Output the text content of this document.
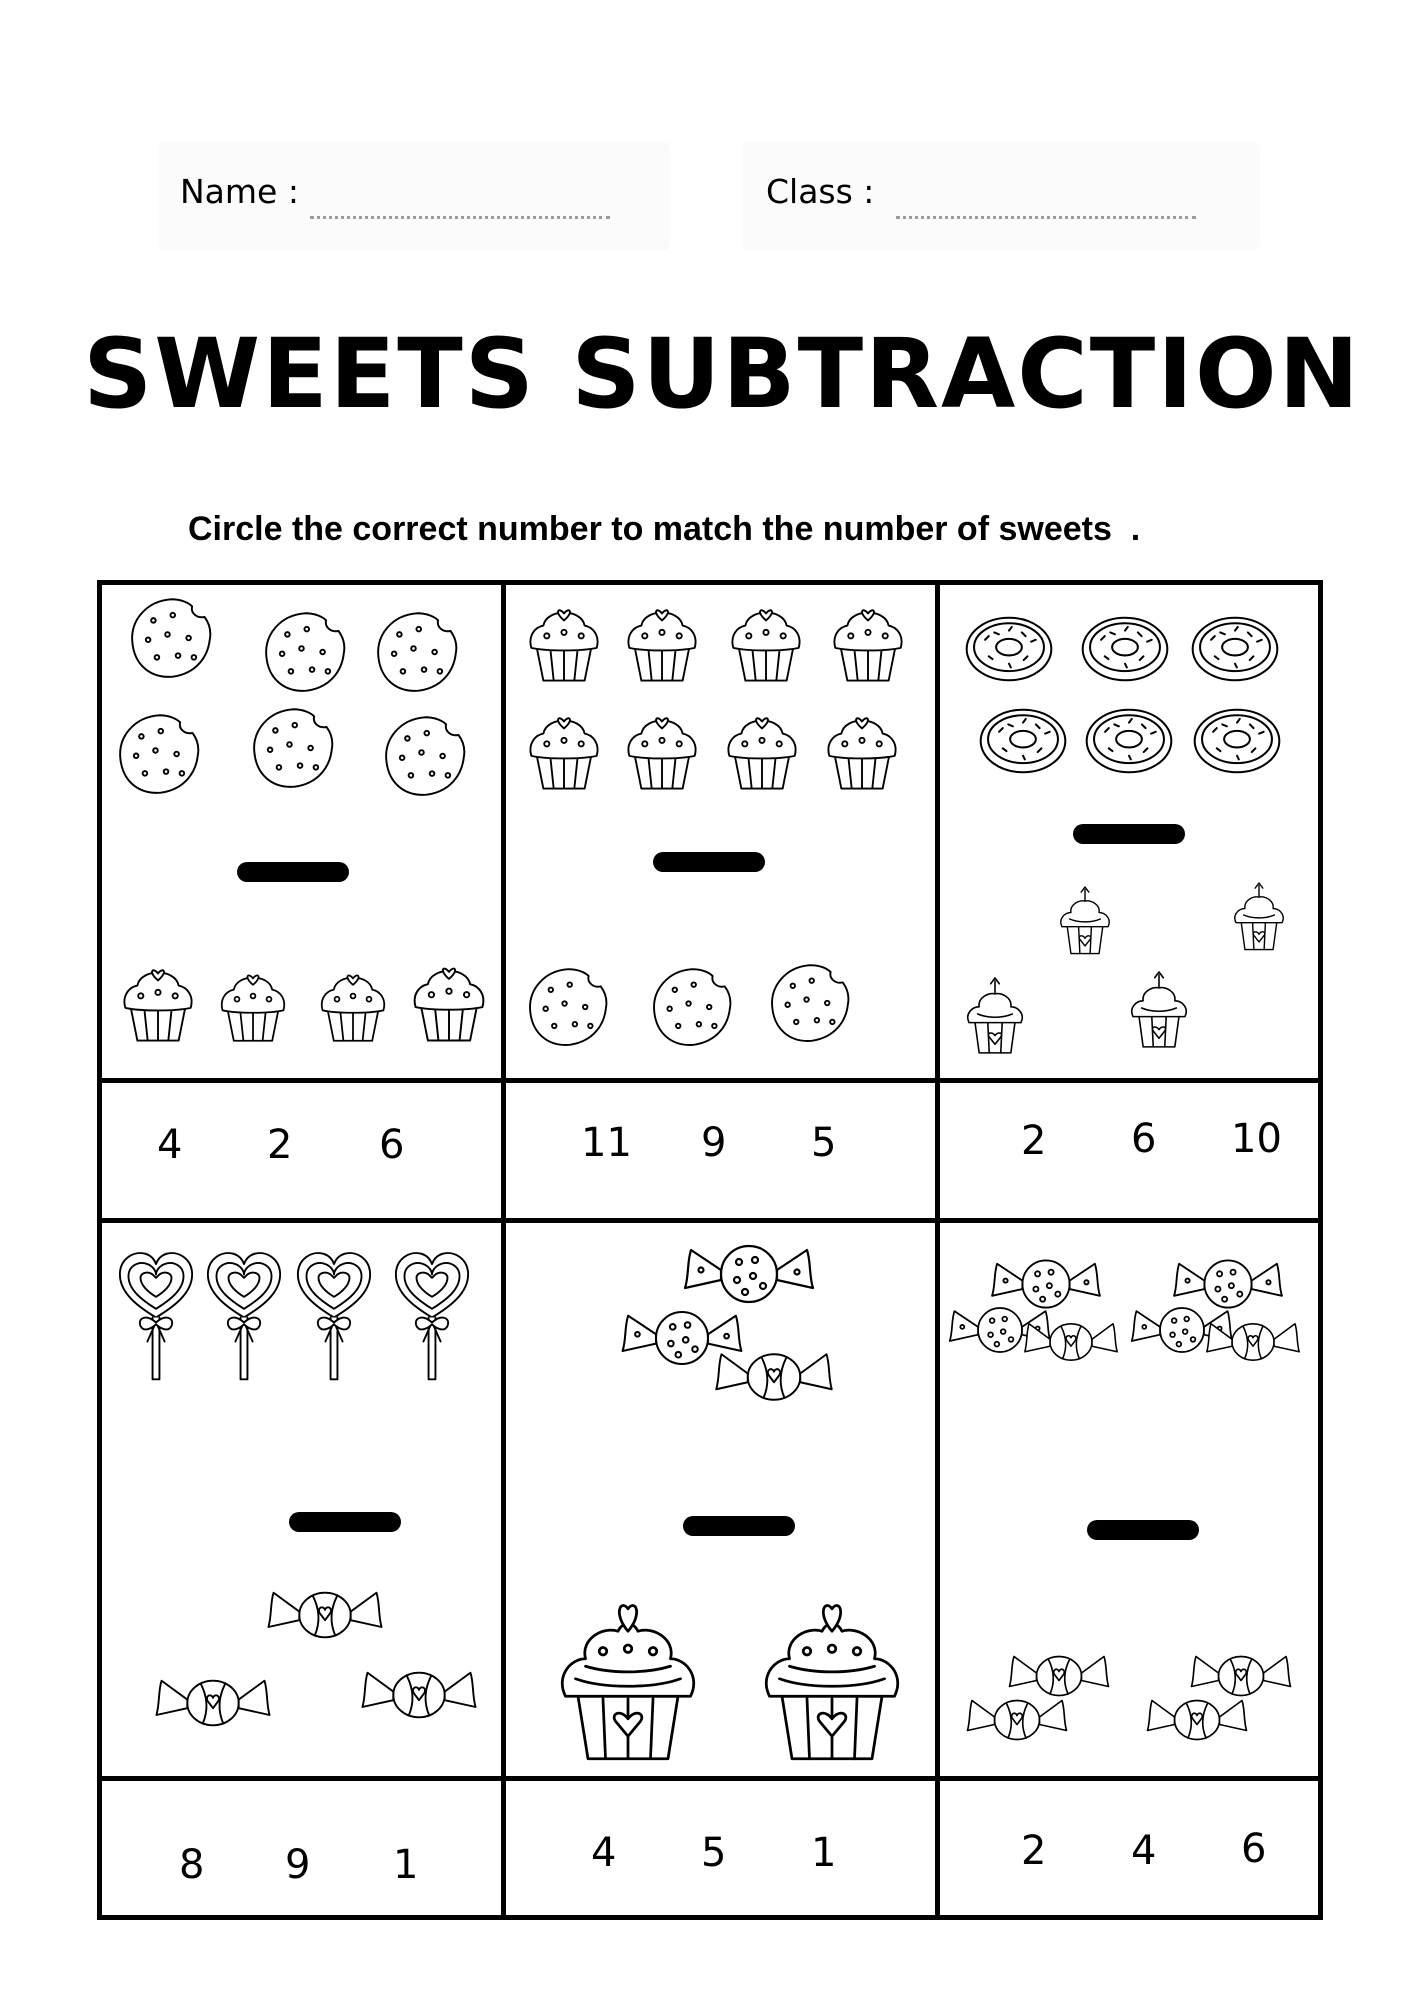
Name :	Class :
SWEETS SUBTRACTION
Circle the correct number to match the number of sweets  .
4 2 6	11 9 5	2 6 10
8 9 1	4 5 1	2 4 6
